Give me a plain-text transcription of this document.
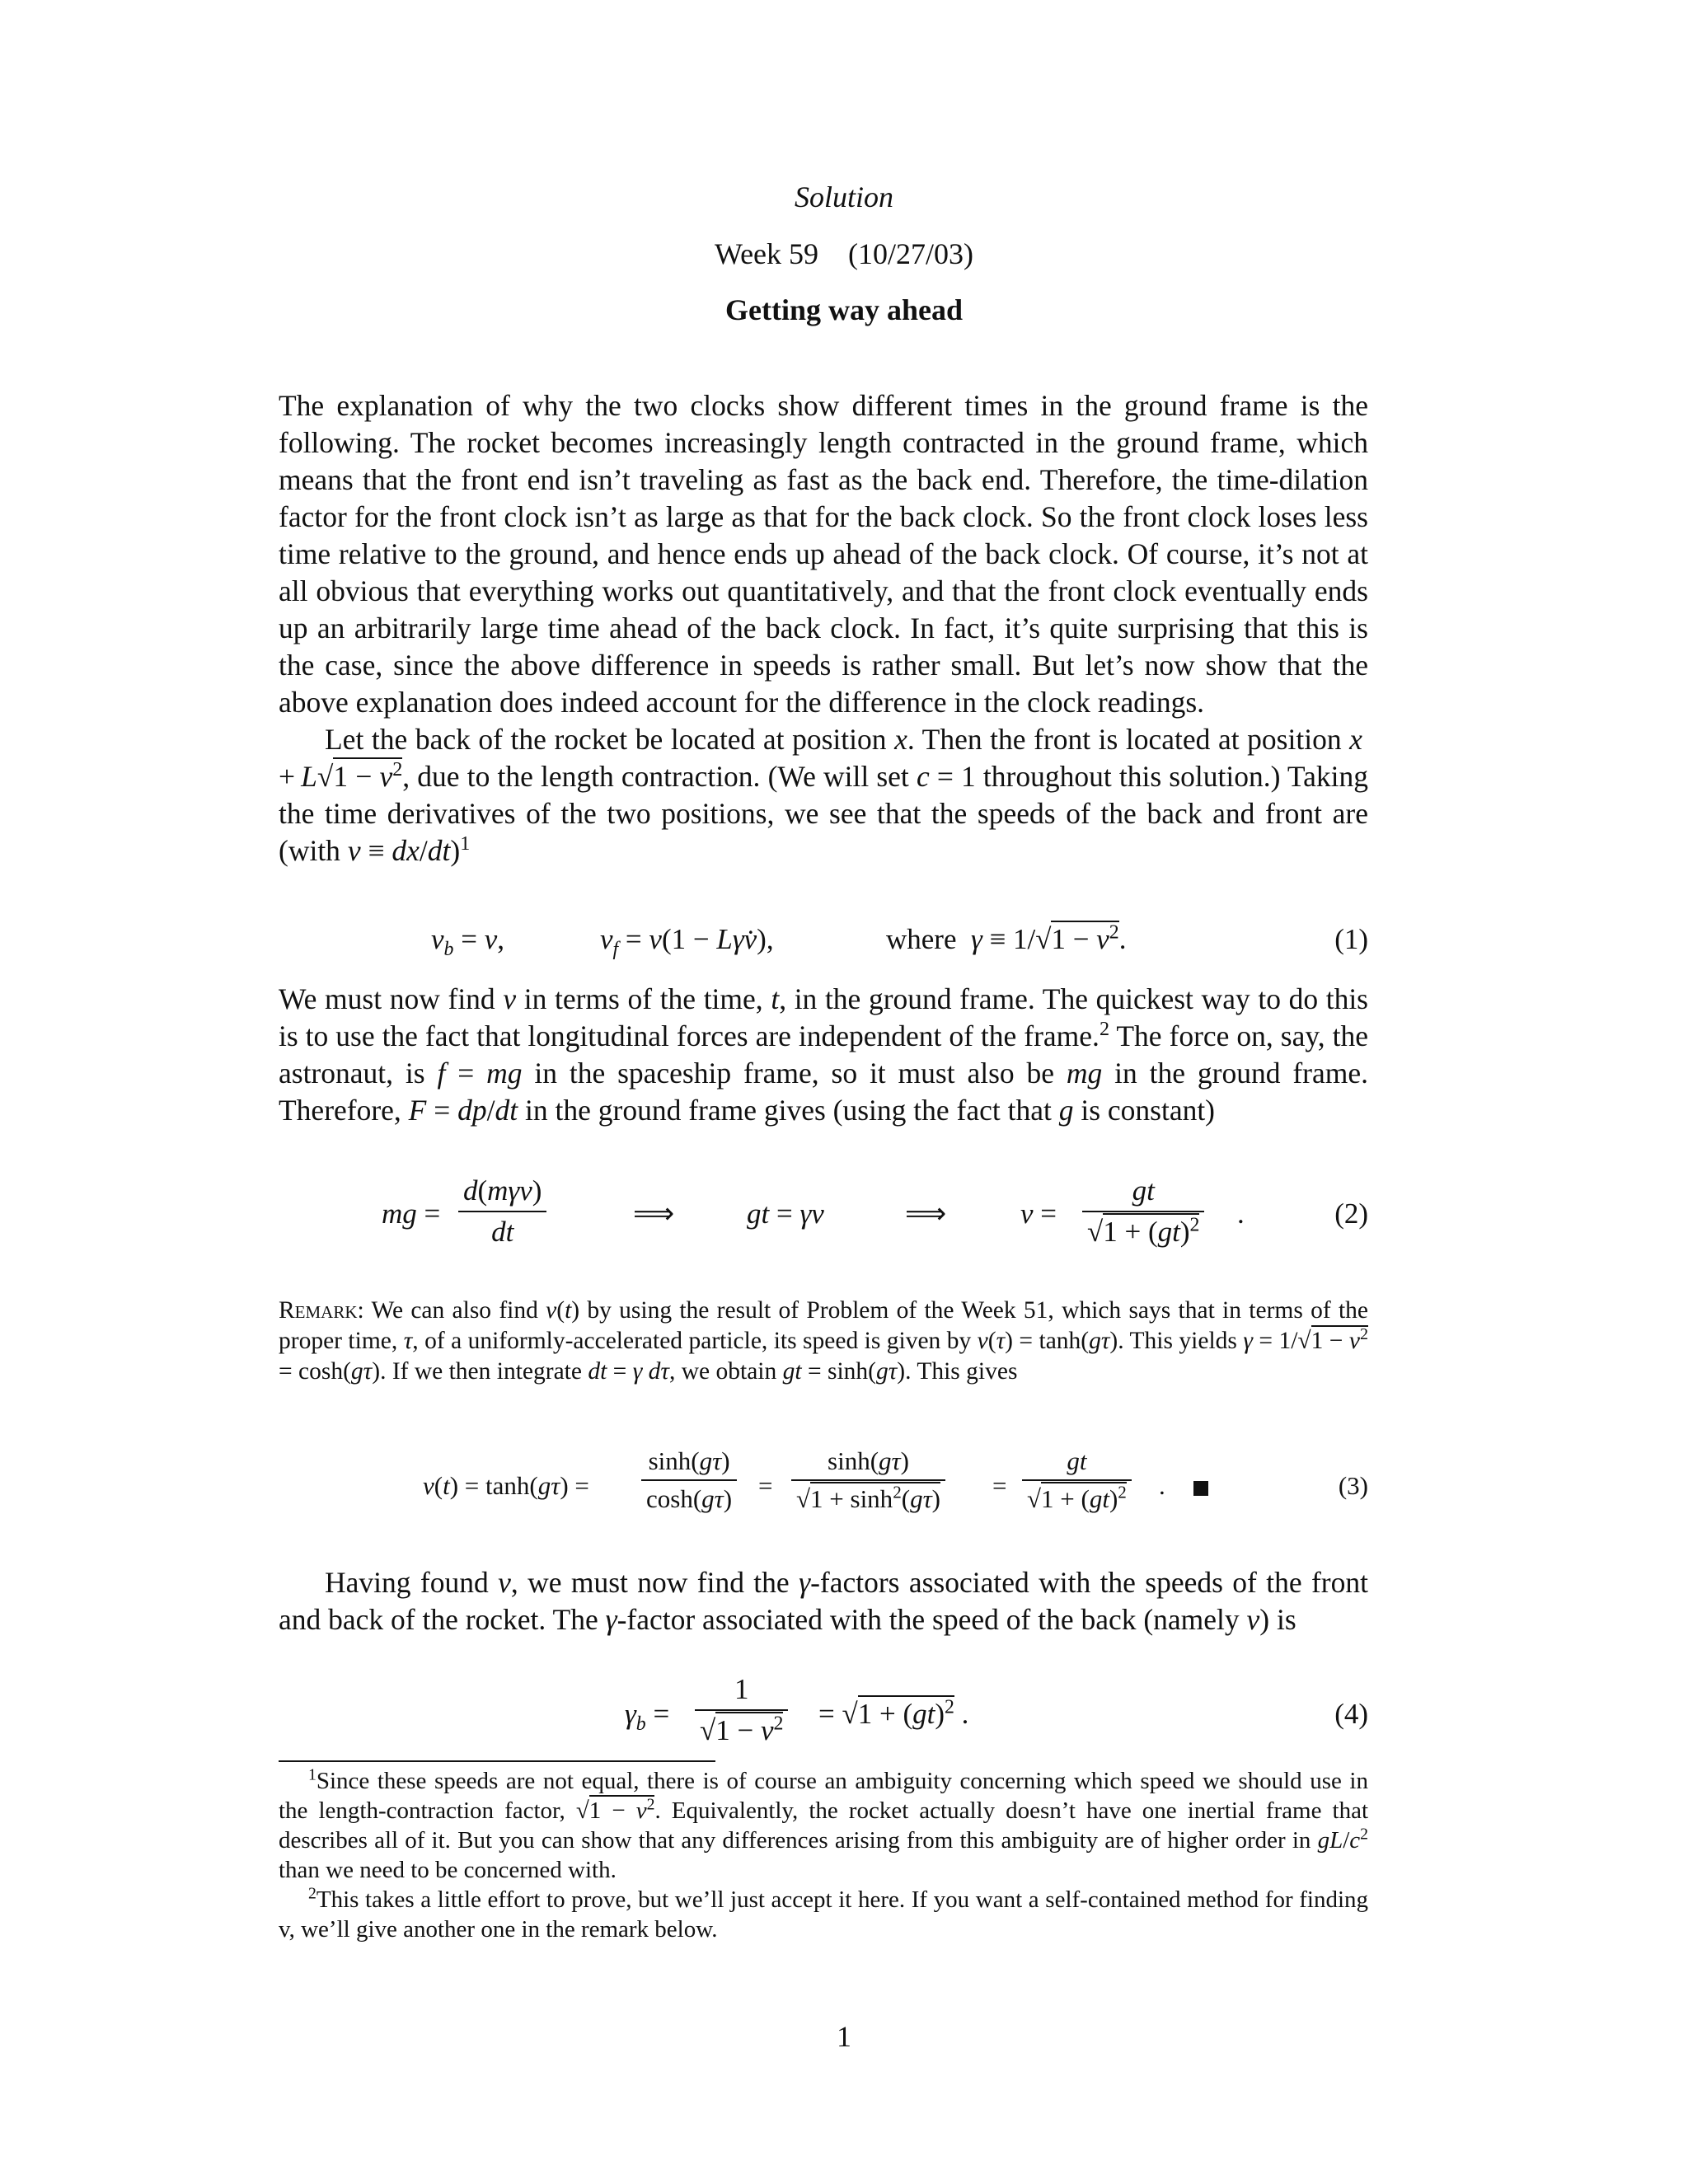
Solution
Week 59 (10/27/03)
Getting way ahead

The explanation of why the two clocks show different times in the ground frame is the following. The rocket becomes increasingly length contracted in the ground frame, which means that the front end isn’t traveling as fast as the back end. Therefore, the time-dilation factor for the front clock isn’t as large as that for the back clock. So the front clock loses less time relative to the ground, and hence ends up ahead of the back clock. Of course, it’s not at all obvious that everything works out quantitatively, and that the front clock eventually ends up an arbitrarily large time ahead of the back clock. In fact, it’s quite surprising that this is the case, since the above difference in speeds is rather small. But let’s now show that the above explanation does indeed account for the difference in the clock readings.

Let the back of the rocket be located at position x. Then the front is located at position $x + L√1 - v^2$, due to the length contraction. (We will set c = 1 throughout this solution.) Taking the time derivatives of the two positions, we see that the speeds of the back and front are (with v ≡ dx/dt)$^1$

$v_b = v$,	$v_f = v(1$ − Lγv̇),	where $\gamma \equiv 1/√1 - v^2$.	(1)

We must now find v in terms of the time, t, in the ground frame. The quickest way to do this is to use the fact that longitudinal forces are independent of the frame.$^2$ The force on, say, the astronaut, is f = mg in the spaceship frame, so it must also be mg in the ground frame. Therefore, F = dp/dt in the ground frame gives (using the fact that g is constant)

mg =
d(mγv)
dt
⟹	gt = γv	⟹	$v = \frac{gt}{√1 + (gt)^2}$ .	(2)

Remark: We can also find v(t) by using the result of Problem of the Week 51, which says that in terms of the proper time, τ, of a uniformly-accelerated particle, its speed is given by v(τ) = tanh(gτ). This yields $\gamma = 1/√1 - v^2 = \cosh(g\tau)$. If we then integrate dt = γ dτ, we obtain gt = sinh(gτ). This gives

$v(t) = \tanh(g\tau) = \frac{\sinh(g\tau)}{\cosh(g\tau)} = \frac{\sinh(g\tau)}{√1 + \sinh^2(g\tau)} = \frac{gt}{√1 + (gt)^2}$ .	(3)

Having found v, we must now find the γ-factors associated with the speeds of the front and back of the rocket. The γ-factor associated with the speed of the back (namely v) is

$\gamma_b = \frac{1}{√1 - v^2} = √1 + (gt)^2$ .	(4)

$^1$Since these speeds are not equal, there is of course an ambiguity concerning which speed we should use in the length-contraction factor, $√1 - v^2$. Equivalently, the rocket actually doesn’t have one inertial frame that describes all of it. But you can show that any differences arising from this ambiguity are of higher order in $gL/c^2$ than we need to be concerned with.

$^2$This takes a little effort to prove, but we’ll just accept it here. If you want a self-contained method for finding v, we’ll give another one in the remark below.

1
